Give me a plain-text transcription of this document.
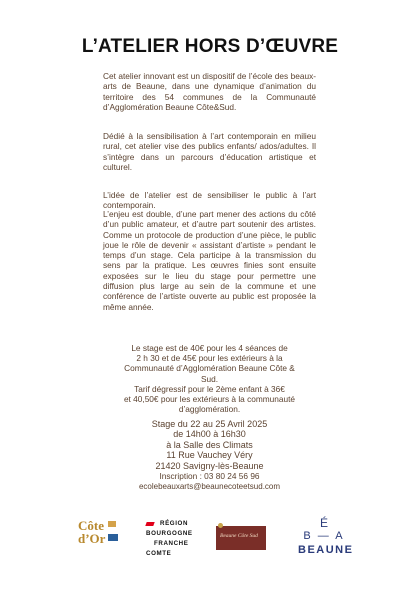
L’ATELIER HORS D’ŒUVRE

Cet atelier innovant est un dispositif de l’école des beaux-arts de Beaune, dans une dynamique d’animation du territoire des 54 communes de la Communauté d’Agglomération Beaune Côte&Sud.

Dédié à la sensibilisation à l’art contemporain en milieu rural, cet atelier vise des publics enfants/ ados/adultes. Il s’intègre dans un parcours d’éducation artistique et culturel.

L’idée de l’atelier est de sensibiliser le public à l’art contemporain.

L’enjeu est double, d’une part mener des actions du côté d’un public amateur, et d’autre part soutenir des artistes. Comme un protocole de production d’une pièce, le public joue le rôle de devenir « assistant d’artiste » pendant le temps d’un stage. Cela participe à la transmission du sens par la pratique. Les œuvres finies sont ensuite exposées sur le lieu du stage pour permettre une diffusion plus large au sein de la commune et une conférence de l’artiste ouverte au public est proposée la même année.

Le stage est de 40€ pour les 4 séances de
2 h 30 et de 45€ pour les extérieurs à la
Communauté d’Agglomération Beaune Côte &
Sud.
Tarif dégressif pour le 2ème enfant à 36€
et 40,50€ pour les extérieurs à la communauté
d’agglomération.
Stage du 22 au 25 Avril 2025
de 14h00 à 16h30
à la Salle des Climats
11 Rue Vauchey Véry
21420 Savigny-lès-Beaune
Inscription : 03 80 24 56 96
ecolebeauxarts@beaunecoteetsud.com
Côte
d’Or
RÉGION
BOURGOGNE
FRANCHE
COMTE
Beaune Côte Sud
É
B — A
BEAUNE
